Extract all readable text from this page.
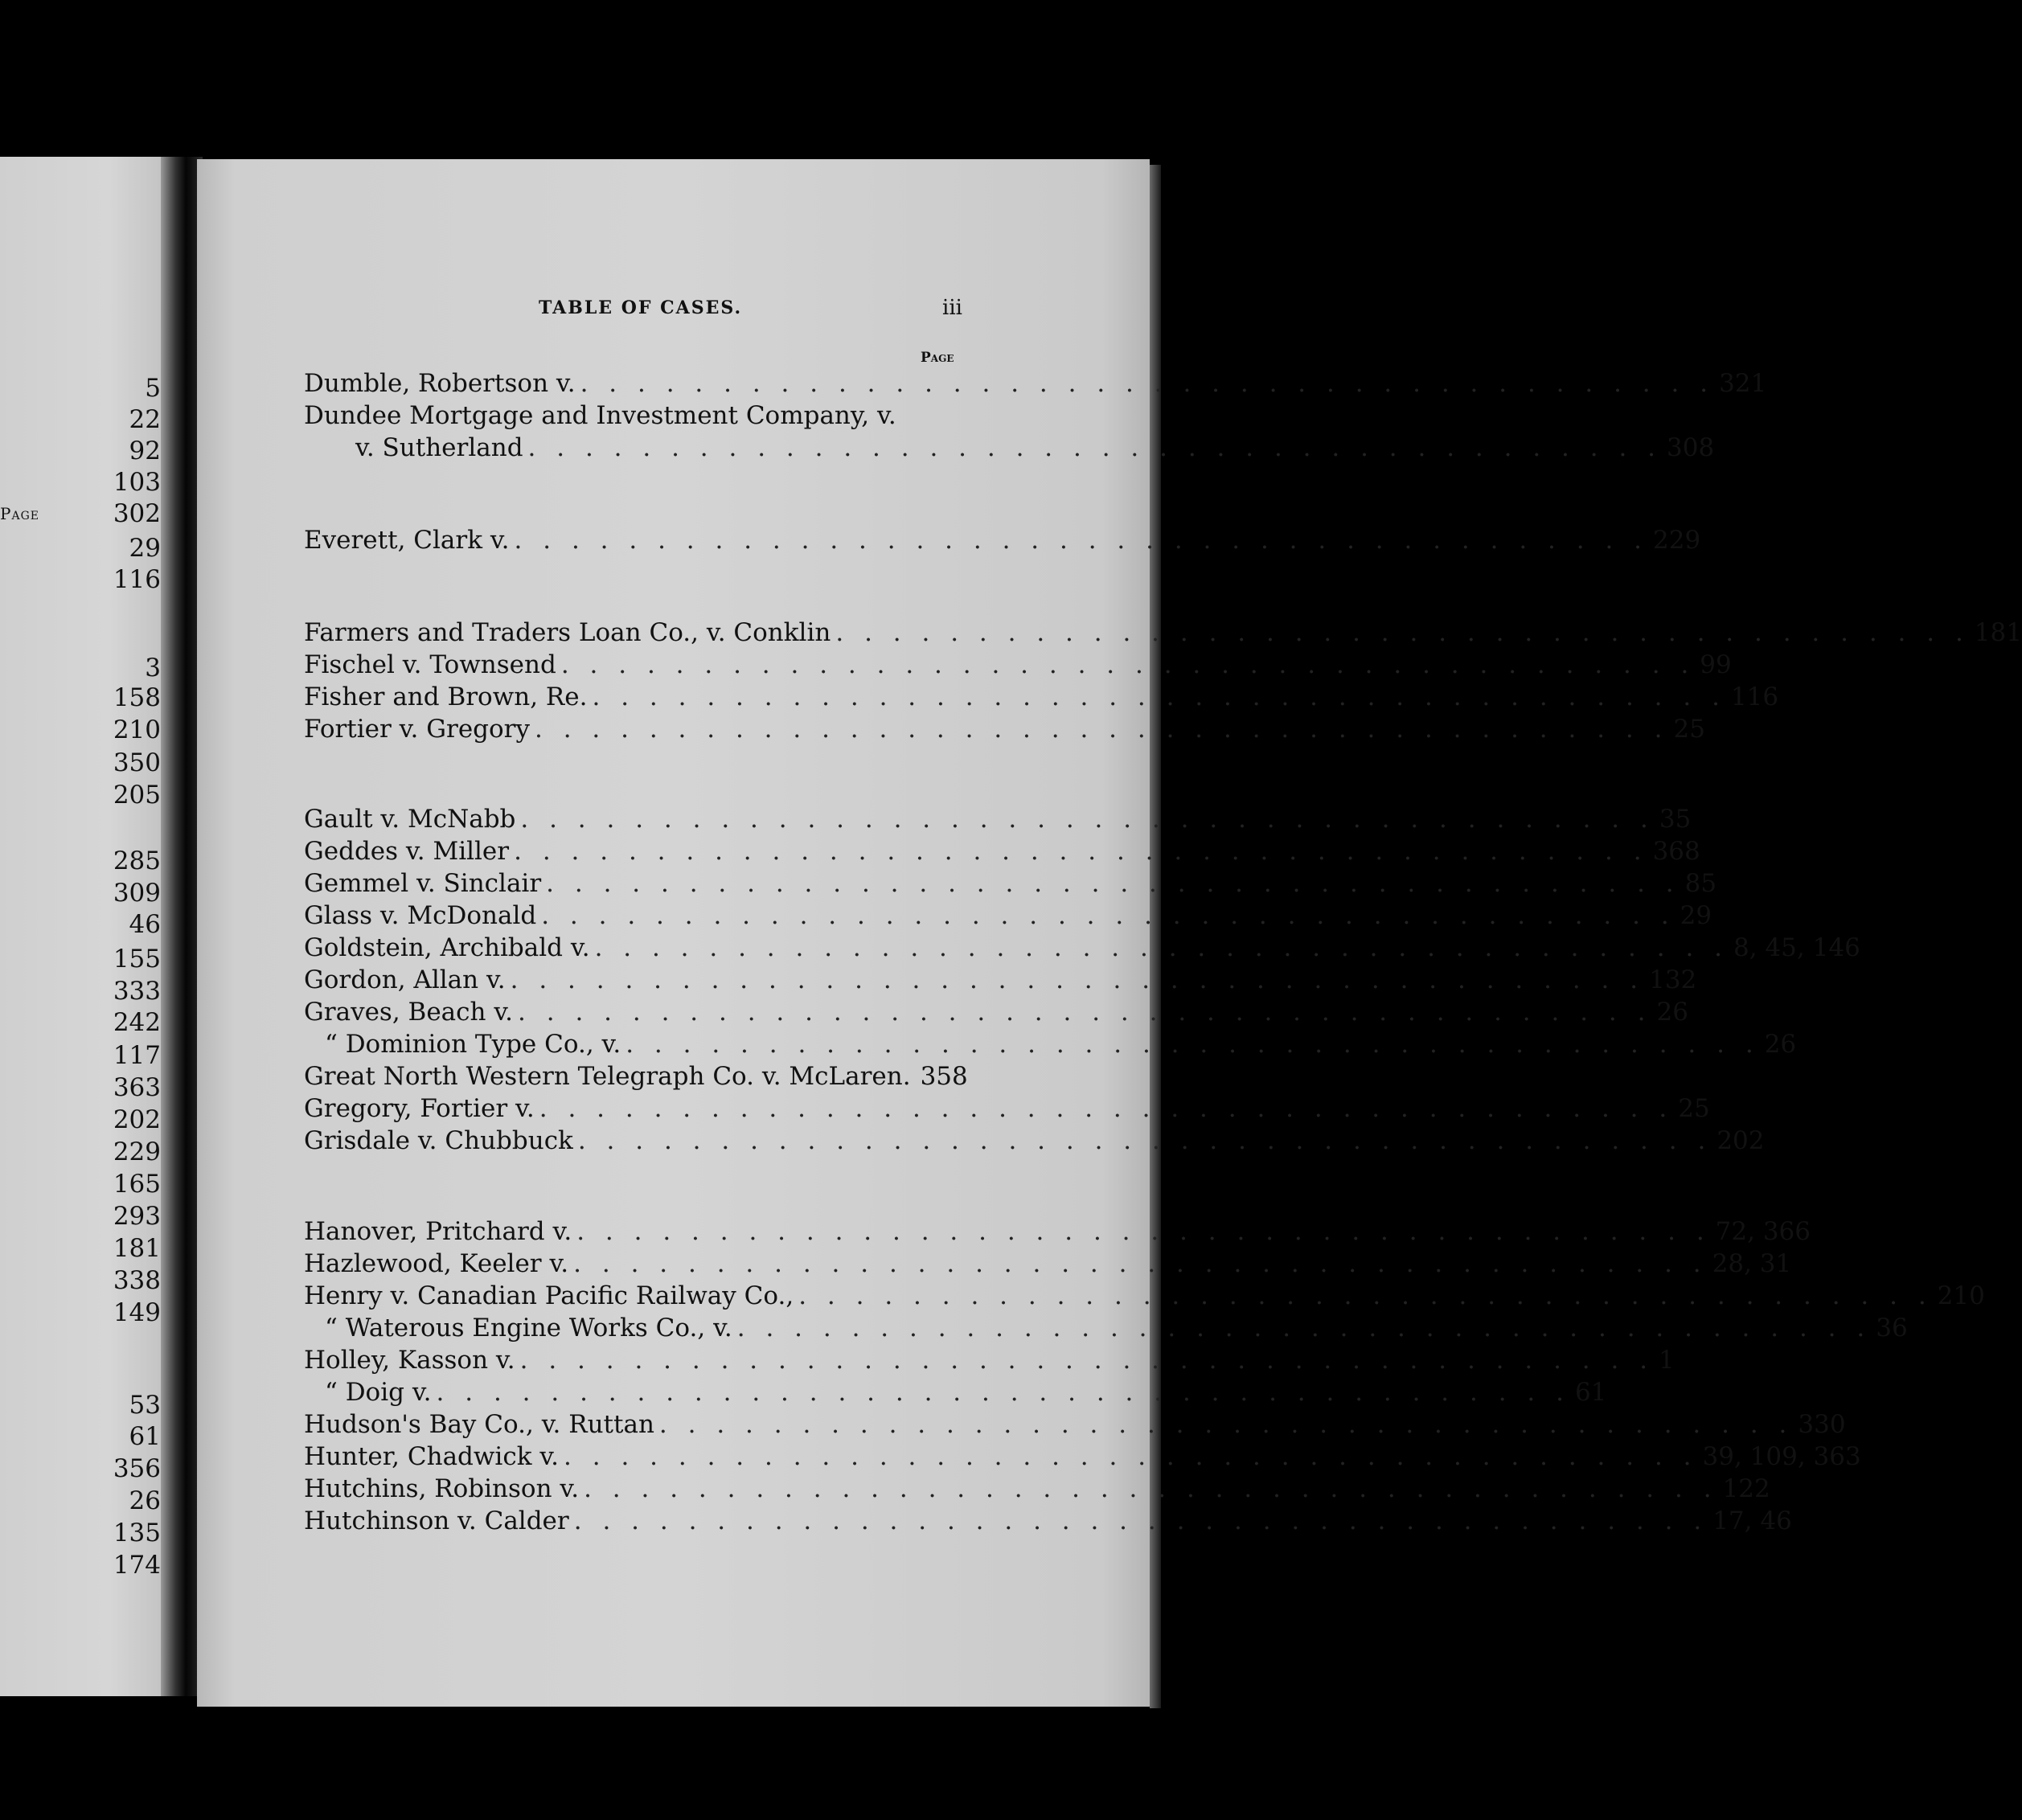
Page
5
22
92
103
302
29
116
3
158
210
350
205
285
309
46
155
333
242
117
363
202
229
165
293
181
338
149
53
61
356
26
135
174
TABLE OF CASES.	iii
Page
Dumble, Robertson v. . . . . . . . . . . . . . . . . . . . . . . . . . . . . . . . . . . . . . . . . 321
Dundee Mortgage and Investment Company, v.
v. Sutherland . . . . . . . . . . . . . . . . . . . . . . . . . . . . . . . . . . . . . . . . 308
Everett, Clark v. . . . . . . . . . . . . . . . . . . . . . . . . . . . . . . . . . . . . . . . . 229
Farmers and Traders Loan Co., v. Conklin . . . . . . . . . . . . . . . . . . . . . . . . . . . . . . . . . . . . . . . . 181
Fischel v. Townsend . . . . . . . . . . . . . . . . . . . . . . . . . . . . . . . . . . . . . . . . 99
Fisher and Brown, Re. . . . . . . . . . . . . . . . . . . . . . . . . . . . . . . . . . . . . . . . . 116
Fortier v. Gregory . . . . . . . . . . . . . . . . . . . . . . . . . . . . . . . . . . . . . . . . 25
Gault v. McNabb . . . . . . . . . . . . . . . . . . . . . . . . . . . . . . . . . . . . . . . . 35
Geddes v. Miller . . . . . . . . . . . . . . . . . . . . . . . . . . . . . . . . . . . . . . . . 368
Gemmel v. Sinclair . . . . . . . . . . . . . . . . . . . . . . . . . . . . . . . . . . . . . . . . 85
Glass v. McDonald . . . . . . . . . . . . . . . . . . . . . . . . . . . . . . . . . . . . . . . . 29
Goldstein, Archibald v. . . . . . . . . . . . . . . . . . . . . . . . . . . . . . . . . . . . . . . . . 8, 45, 146
Gordon, Allan v. . . . . . . . . . . . . . . . . . . . . . . . . . . . . . . . . . . . . . . . . 132
Graves, Beach v. . . . . . . . . . . . . . . . . . . . . . . . . . . . . . . . . . . . . . . . . 26
“ Dominion Type Co., v. . . . . . . . . . . . . . . . . . . . . . . . . . . . . . . . . . . . . . . . . 26
Great North Western Telegraph Co. v. McLaren. 358
Gregory, Fortier v. . . . . . . . . . . . . . . . . . . . . . . . . . . . . . . . . . . . . . . . . 25
Grisdale v. Chubbuck . . . . . . . . . . . . . . . . . . . . . . . . . . . . . . . . . . . . . . . . 202
Hanover, Pritchard v. . . . . . . . . . . . . . . . . . . . . . . . . . . . . . . . . . . . . . . . . 72, 366
Hazlewood, Keeler v. . . . . . . . . . . . . . . . . . . . . . . . . . . . . . . . . . . . . . . . . 28, 31
Henry v. Canadian Pacific Railway Co., . . . . . . . . . . . . . . . . . . . . . . . . . . . . . . . . . . . . . . . . 210
“ Waterous Engine Works Co., v. . . . . . . . . . . . . . . . . . . . . . . . . . . . . . . . . . . . . . . . . 36
Holley, Kasson v. . . . . . . . . . . . . . . . . . . . . . . . . . . . . . . . . . . . . . . . . 1
“ Doig v. . . . . . . . . . . . . . . . . . . . . . . . . . . . . . . . . . . . . . . . . 61
Hudson's Bay Co., v. Ruttan . . . . . . . . . . . . . . . . . . . . . . . . . . . . . . . . . . . . . . . . 330
Hunter, Chadwick v. . . . . . . . . . . . . . . . . . . . . . . . . . . . . . . . . . . . . . . . . 39, 109, 363
Hutchins, Robinson v. . . . . . . . . . . . . . . . . . . . . . . . . . . . . . . . . . . . . . . . . 122
Hutchinson v. Calder . . . . . . . . . . . . . . . . . . . . . . . . . . . . . . . . . . . . . . . . 17, 46
